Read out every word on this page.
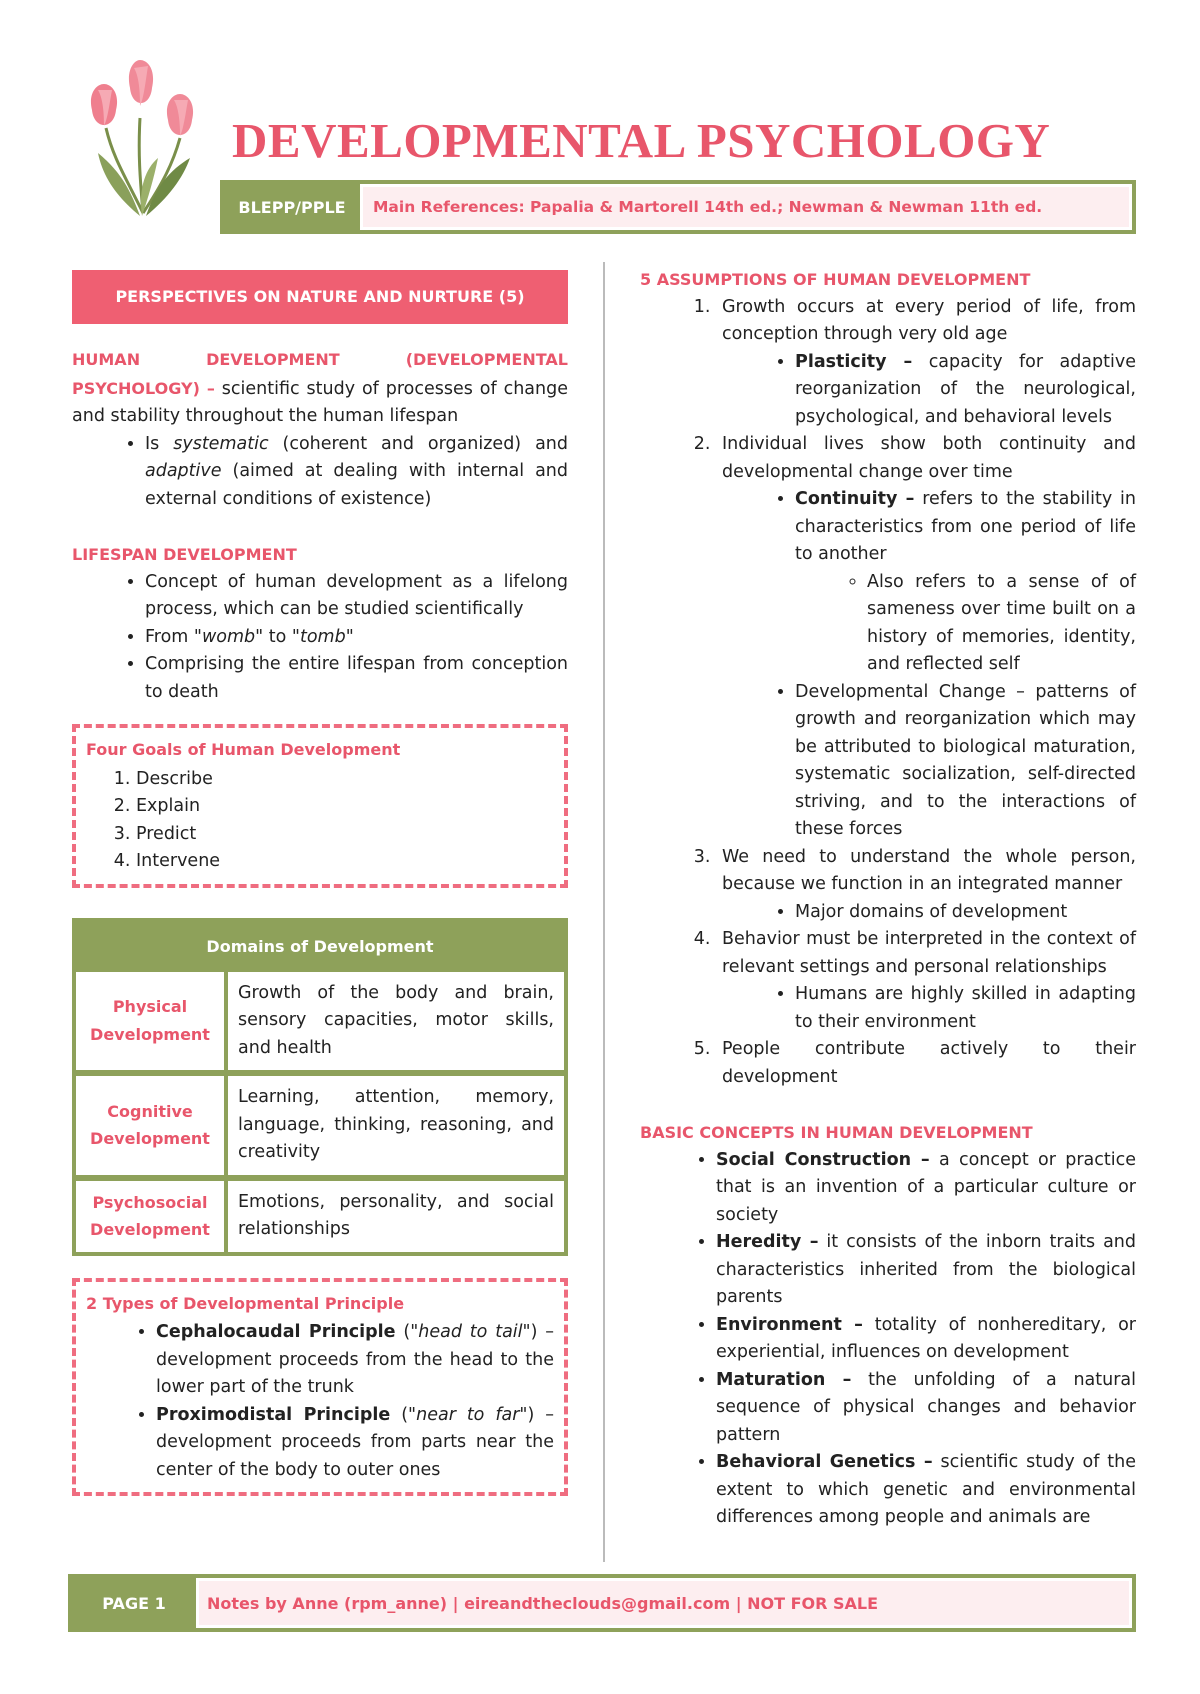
DEVELOPMENTAL PSYCHOLOGY
BLEPP/PPLE	Main References: Papalia & Martorell 14th ed.; Newman & Newman 11th ed.
PERSPECTIVES ON NATURE AND NURTURE (5)
HUMAN DEVELOPMENT (DEVELOPMENTAL PSYCHOLOGY) – scientific study of processes of change and stability throughout the human lifespan
• Is systematic (coherent and organized) and adaptive (aimed at dealing with internal and external conditions of existence)
LIFESPAN DEVELOPMENT
• Concept of human development as a lifelong process, which can be studied scientifically
• From "womb" to "tomb"
• Comprising the entire lifespan from conception to death
Four Goals of Human Development
1. Describe
2. Explain
3. Predict
4. Intervene
Domains of Development
Physical Development
Growth of the body and brain, sensory capacities, motor skills, and health
Cognitive Development
Learning, attention, memory, language, thinking, reasoning, and creativity
Psychosocial Development
Emotions, personality, and social relationships
2 Types of Developmental Principle
• Cephalocaudal Principle ("head to tail") – development proceeds from the head to the lower part of the trunk
• Proximodistal Principle ("near to far") – development proceeds from parts near the center of the body to outer ones
5 ASSUMPTIONS OF HUMAN DEVELOPMENT
1. Growth occurs at every period of life, from conception through very old age
• Plasticity – capacity for adaptive reorganization of the neurological, psychological, and behavioral levels
2. Individual lives show both continuity and developmental change over time
• Continuity – refers to the stability in characteristics from one period of life to another
◦ Also refers to a sense of of sameness over time built on a history of memories, identity, and reflected self
• Developmental Change – patterns of growth and reorganization which may be attributed to biological maturation, systematic socialization, self-directed striving, and to the interactions of these forces
3. We need to understand the whole person, because we function in an integrated manner
• Major domains of development
4. Behavior must be interpreted in the context of relevant settings and personal relationships
• Humans are highly skilled in adapting to their environment
5. People contribute actively to their development
BASIC CONCEPTS IN HUMAN DEVELOPMENT
• Social Construction – a concept or practice that is an invention of a particular culture or society
• Heredity – it consists of the inborn traits and characteristics inherited from the biological parents
• Environment – totality of nonhereditary, or experiential, influences on development
• Maturation – the unfolding of a natural sequence of physical changes and behavior pattern
• Behavioral Genetics – scientific study of the extent to which genetic and environmental differences among people and animals are
PAGE 1	Notes by Anne (rpm_anne) | eireandtheclouds@gmail.com | NOT FOR SALE
